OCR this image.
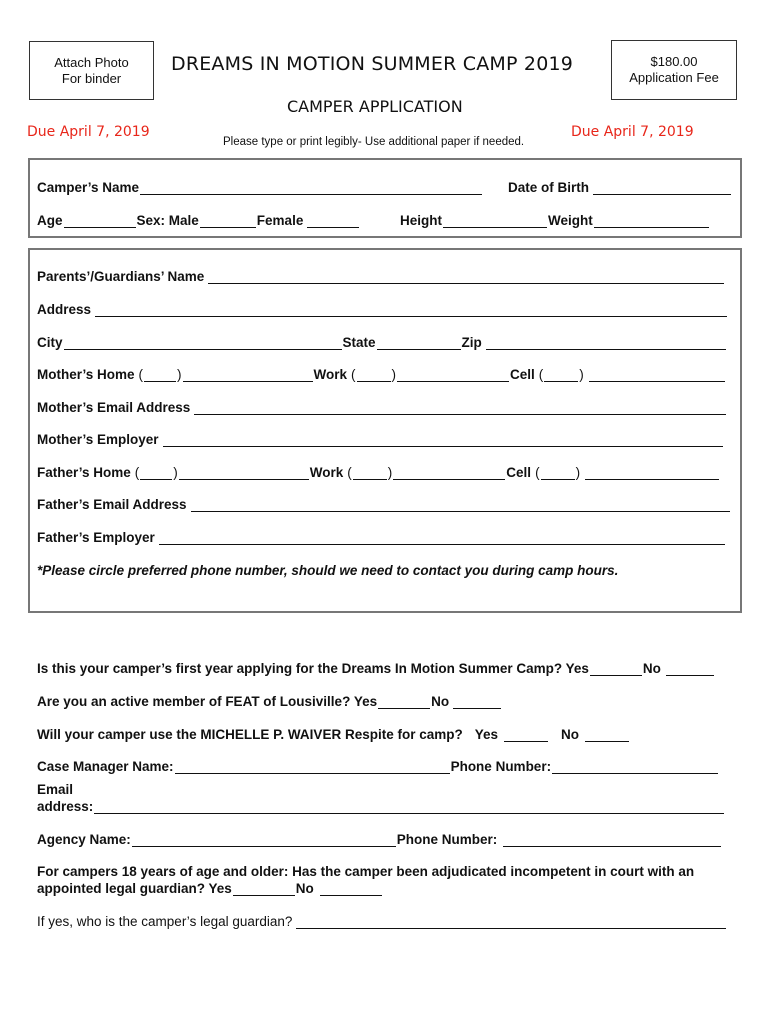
Attach Photo
For binder
DREAMS IN MOTION SUMMER CAMP 2019	$180.00
Application Fee
CAMPER APPLICATION
Due April 7, 2019	Due April 7, 2019
Please type or print legibly- Use additional paper if needed.
Camper’s Name	Date of Birth
Age	Sex: Male	Female	Height	Weight
Parents’/Guardians’ Name
Address
City	State	Zip
Mother’s Home (	)	Work (	)	Cell (	)
Mother’s Email Address
Mother’s Employer
Father’s Home (	)	Work (	)	Cell (	)
Father’s Email Address
Father’s Employer
*Please circle preferred phone number, should we need to contact you during camp hours.
Is this your camper’s first year applying for the Dreams In Motion Summer Camp? Yes	No
Are you an active member of FEAT of Lousiville? Yes	No
Will your camper use the MICHELLE P. WAIVER Respite for camp? Yes	No
Case Manager Name:	Phone Number:
Email
address:
Agency Name:	Phone Number:
For campers 18 years of age and older: Has the camper been adjudicated incompetent in court with an
appointed legal guardian? Yes	No
If yes, who is the camper’s legal guardian?
